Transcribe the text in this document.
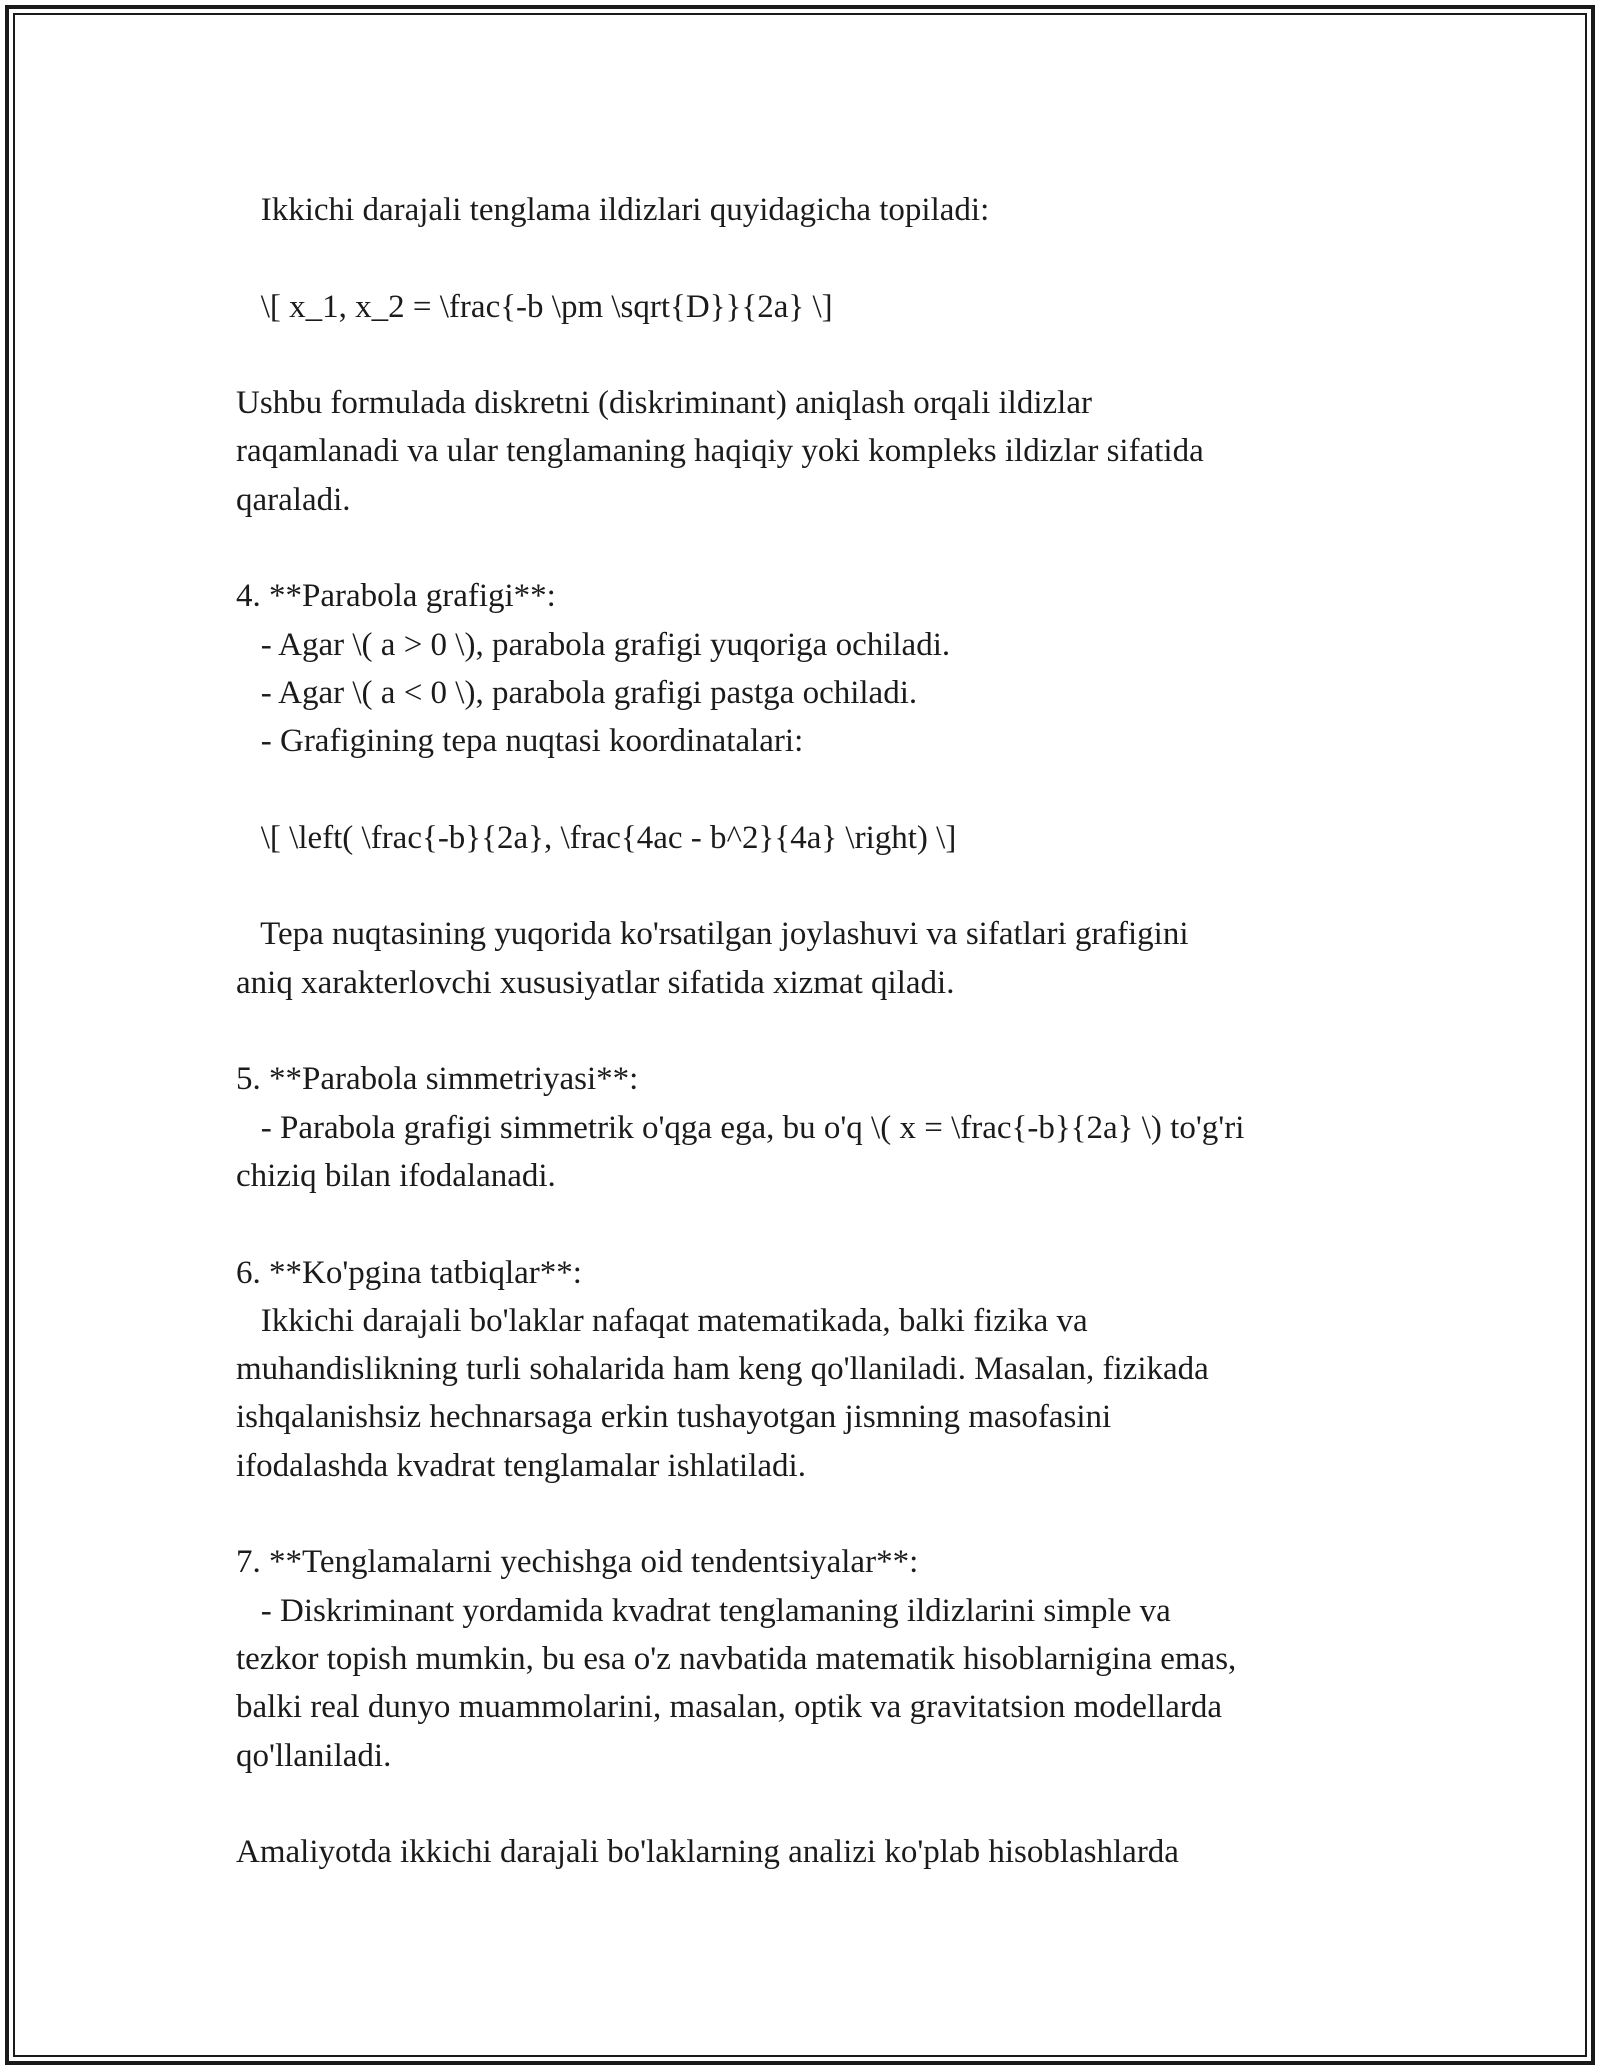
Ikkichi darajali tenglama ildizlari quyidagicha topiladi:
\[ x_1, x_2 = \frac{-b \pm \sqrt{D}}{2a} \]
Ushbu formulada diskretni (diskriminant) aniqlash orqali ildizlar
raqamlanadi va ular tenglamaning haqiqiy yoki kompleks ildizlar sifatida
qaraladi.
4. **Parabola grafigi**:
- Agar \( a > 0 \), parabola grafigi yuqoriga ochiladi.
- Agar \( a < 0 \), parabola grafigi pastga ochiladi.
- Grafigining tepa nuqtasi koordinatalari:
\[ \left( \frac{-b}{2a}, \frac{4ac - b^2}{4a} \right) \]
Tepa nuqtasining yuqorida ko'rsatilgan joylashuvi va sifatlari grafigini
aniq xarakterlovchi xususiyatlar sifatida xizmat qiladi.
5. **Parabola simmetriyasi**:
- Parabola grafigi simmetrik o'qga ega, bu o'q \( x = \frac{-b}{2a} \) to'g'ri
chiziq bilan ifodalanadi.
6. **Ko'pgina tatbiqlar**:
Ikkichi darajali bo'laklar nafaqat matematikada, balki fizika va
muhandislikning turli sohalarida ham keng qo'llaniladi. Masalan, fizikada
ishqalanishsiz hechnarsaga erkin tushayotgan jismning masofasini
ifodalashda kvadrat tenglamalar ishlatiladi.
7. **Tenglamalarni yechishga oid tendentsiyalar**:
- Diskriminant yordamida kvadrat tenglamaning ildizlarini simple va
tezkor topish mumkin, bu esa o'z navbatida matematik hisoblarnigina emas,
balki real dunyo muammolarini, masalan, optik va gravitatsion modellarda
qo'llaniladi.
Amaliyotda ikkichi darajali bo'laklarning analizi ko'plab hisoblashlarda
